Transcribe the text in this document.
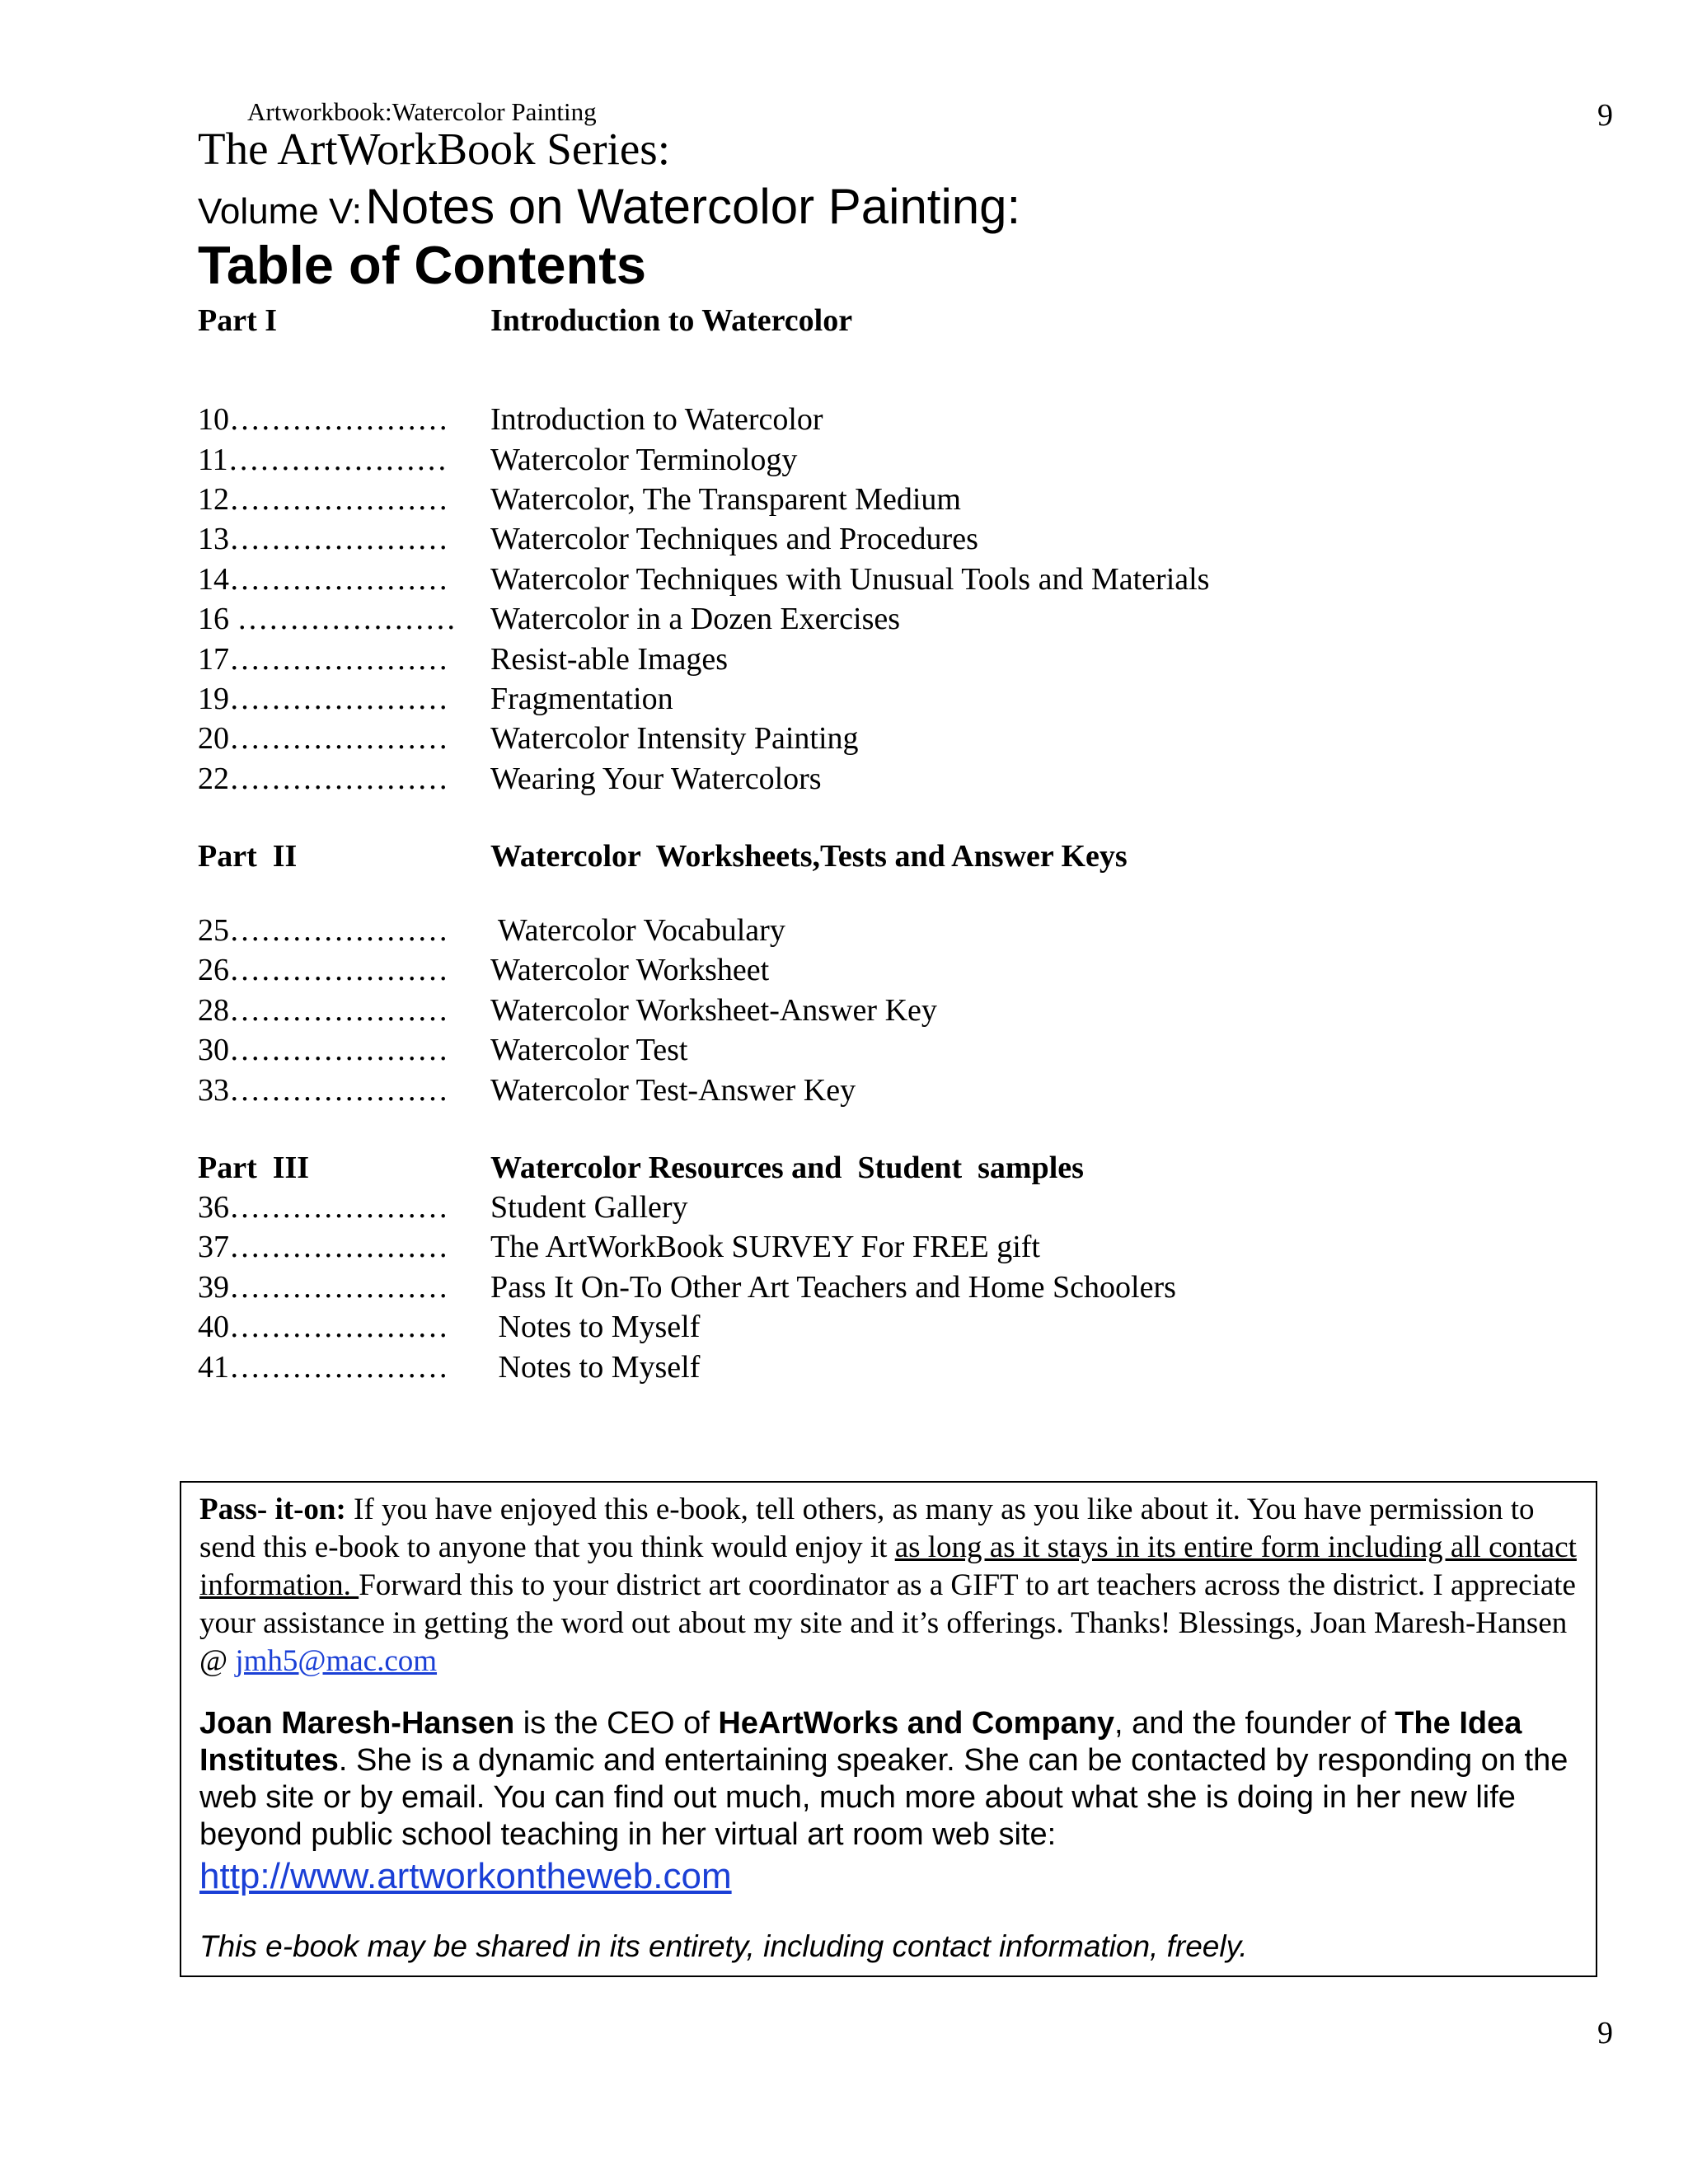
Artworkbook:Watercolor Painting	9
The ArtWorkBook Series:
Volume V: Notes on Watercolor Painting:
Table of Contents
Part I	Introduction to Watercolor
10…………………	Introduction to Watercolor
11…………………	Watercolor Terminology
12…………………	Watercolor, The Transparent Medium
13…………………	Watercolor Techniques and Procedures
14…………………	Watercolor Techniques with Unusual Tools and Materials
16 …………………	Watercolor in a Dozen Exercises
17…………………	Resist-able Images
19…………………	Fragmentation
20…………………	Watercolor Intensity Painting
22…………………	Wearing Your Watercolors
Part  II	Watercolor  Worksheets,Tests and Answer Keys
25…………………	Watercolor Vocabulary
26…………………	Watercolor Worksheet
28…………………	Watercolor Worksheet-Answer Key
30…………………	Watercolor Test
33…………………	Watercolor Test-Answer Key
Part  III	Watercolor Resources and  Student  samples
36…………………	Student Gallery
37…………………	The ArtWorkBook SURVEY For FREE gift
39…………………	Pass It On-To Other Art Teachers and Home Schoolers
40…………………	Notes to Myself
41…………………	Notes to Myself

Pass- it-on: If you have enjoyed this e-book, tell others, as many as you like about it. You have permission to send this e-book to anyone that you think would enjoy it as long as it stays in its entire form including all contact information. Forward this to your district art coordinator as a GIFT to art teachers across the district. I appreciate your assistance in getting the word out about my site and it’s offerings. Thanks! Blessings, Joan Maresh-Hansen @ jmh5@mac.com

Joan Maresh-Hansen is the CEO of HeArtWorks and Company, and the founder of The Idea Institutes. She is a dynamic and entertaining speaker. She can be contacted by responding on the web site or by email. You can find out much, much more about what she is doing in her new life beyond public school teaching in her virtual art room web site:

http://www.artworkontheweb.com

This e-book may be shared in its entirety, including contact information, freely.

9
